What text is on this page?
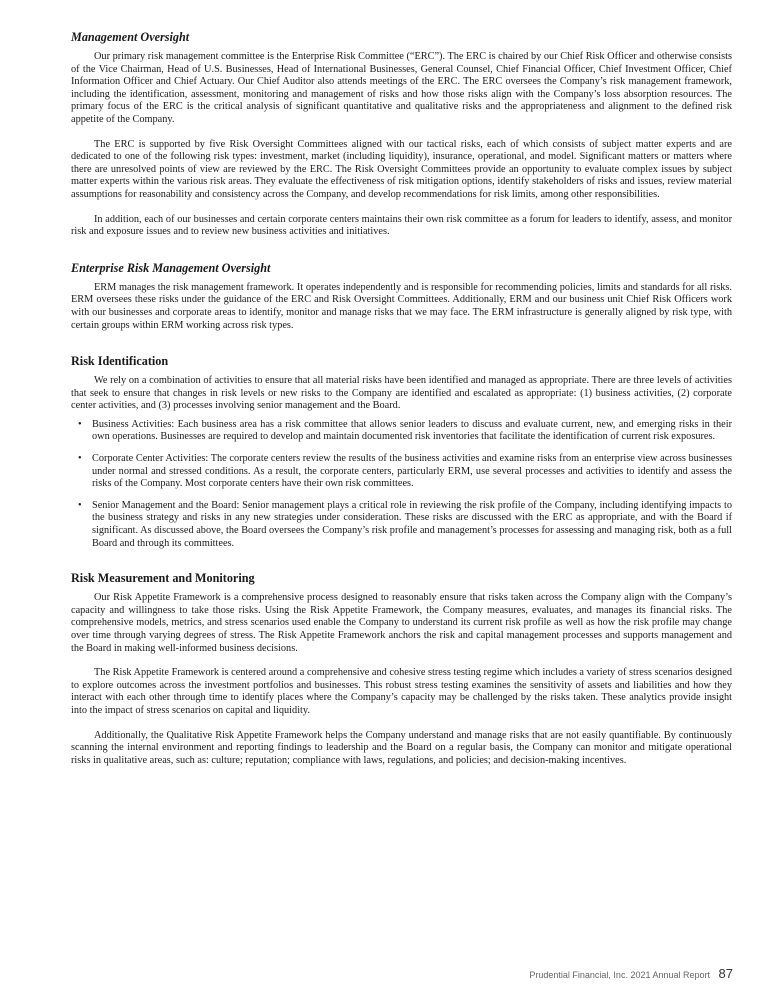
Management Oversight

Our primary risk management committee is the Enterprise Risk Committee (“ERC”). The ERC is chaired by our Chief Risk Officer and otherwise consists of the Vice Chairman, Head of U.S. Businesses, Head of International Businesses, General Counsel, Chief Financial Officer, Chief Investment Officer, Chief Information Officer and Chief Actuary. Our Chief Auditor also attends meetings of the ERC. The ERC oversees the Company’s risk management framework, including the identification, assessment, monitoring and management of risks and how those risks align with the Company’s loss absorption resources. The primary focus of the ERC is the critical analysis of significant quantitative and qualitative risks and the appropriateness and alignment to the defined risk appetite of the Company.

The ERC is supported by five Risk Oversight Committees aligned with our tactical risks, each of which consists of subject matter experts and are dedicated to one of the following risk types: investment, market (including liquidity), insurance, operational, and model. Significant matters or matters where there are unresolved points of view are reviewed by the ERC. The Risk Oversight Committees provide an opportunity to evaluate complex issues by subject matter experts within the various risk areas. They evaluate the effectiveness of risk mitigation options, identify stakeholders of risks and issues, review material assumptions for reasonability and consistency across the Company, and develop recommendations for risk limits, among other responsibilities.

In addition, each of our businesses and certain corporate centers maintains their own risk committee as a forum for leaders to identify, assess, and monitor risk and exposure issues and to review new business activities and initiatives.

Enterprise Risk Management Oversight

ERM manages the risk management framework. It operates independently and is responsible for recommending policies, limits and standards for all risks. ERM oversees these risks under the guidance of the ERC and Risk Oversight Committees. Additionally, ERM and our business unit Chief Risk Officers work with our businesses and corporate areas to identify, monitor and manage risks that we may face. The ERM infrastructure is generally aligned by risk type, with certain groups within ERM working across risk types.

Risk Identification

We rely on a combination of activities to ensure that all material risks have been identified and managed as appropriate. There are three levels of activities that seek to ensure that changes in risk levels or new risks to the Company are identified and escalated as appropriate: (1) business activities, (2) corporate center activities, and (3) processes involving senior management and the Board.

• Business Activities: Each business area has a risk committee that allows senior leaders to discuss and evaluate current, new, and emerging risks in their own operations. Businesses are required to develop and maintain documented risk inventories that facilitate the identification of current risk exposures.
• Corporate Center Activities: The corporate centers review the results of the business activities and examine risks from an enterprise view across businesses under normal and stressed conditions. As a result, the corporate centers, particularly ERM, use several processes and activities to identify and assess the risks of the Company. Most corporate centers have their own risk committees.
• Senior Management and the Board: Senior management plays a critical role in reviewing the risk profile of the Company, including identifying impacts to the business strategy and risks in any new strategies under consideration. These risks are discussed with the ERC as appropriate, and with the Board if significant. As discussed above, the Board oversees the Company’s risk profile and management’s processes for assessing and managing risk, both as a full Board and through its committees.
Risk Measurement and Monitoring

Our Risk Appetite Framework is a comprehensive process designed to reasonably ensure that risks taken across the Company align with the Company’s capacity and willingness to take those risks. Using the Risk Appetite Framework, the Company measures, evaluates, and manages its financial risks. The comprehensive models, metrics, and stress scenarios used enable the Company to understand its current risk profile as well as how the risk profile may change over time through varying degrees of stress. The Risk Appetite Framework anchors the risk and capital management processes and supports management and the Board in making well-informed business decisions.

The Risk Appetite Framework is centered around a comprehensive and cohesive stress testing regime which includes a variety of stress scenarios designed to explore outcomes across the investment portfolios and businesses. This robust stress testing examines the sensitivity of assets and liabilities and how they interact with each other through time to identify places where the Company’s capacity may be challenged by the risks taken. These analytics provide insight into the impact of stress scenarios on capital and liquidity.

Additionally, the Qualitative Risk Appetite Framework helps the Company understand and manage risks that are not easily quantifiable. By continuously scanning the internal environment and reporting findings to leadership and the Board on a regular basis, the Company can monitor and mitigate operational risks in qualitative areas, such as: culture; reputation; compliance with laws, regulations, and policies; and decision-making incentives.

Prudential Financial, Inc. 2021 Annual Report 87
